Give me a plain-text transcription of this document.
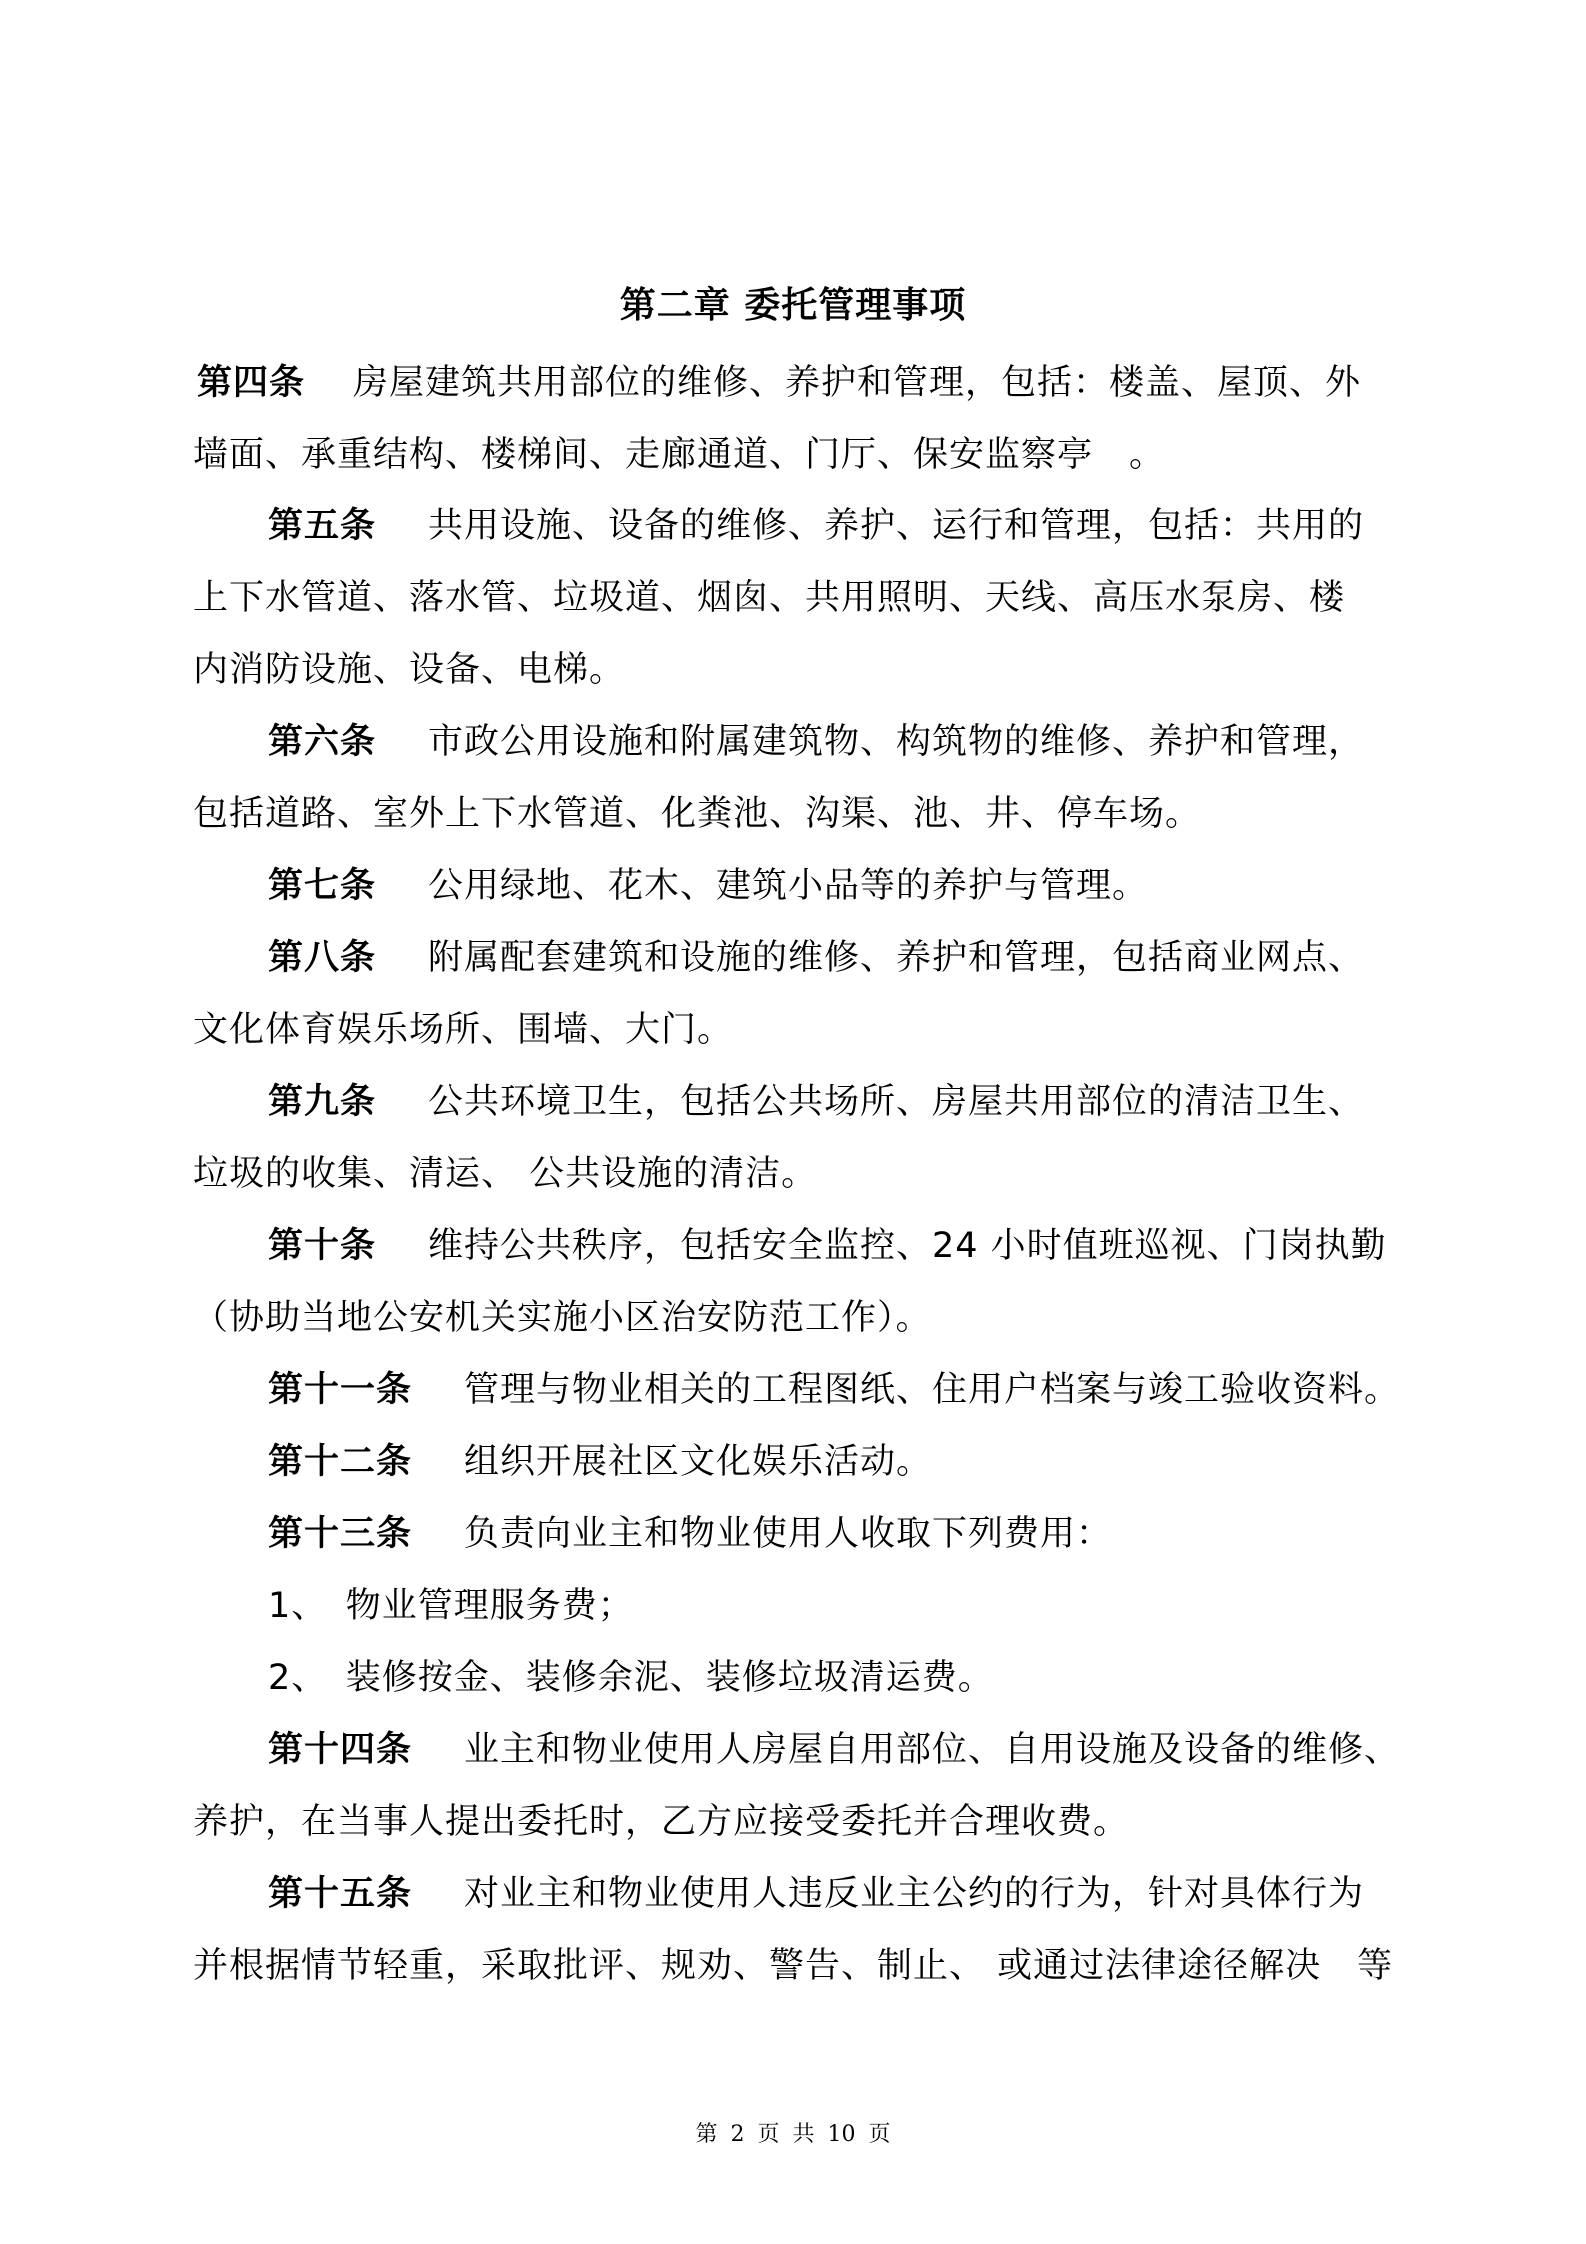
第二章 委托管理事项
第四条 房屋建筑共用部位的维修、养护和管理，包括：楼盖、屋顶、外
墙面、承重结构、楼梯间、走廊通道、门厅、保安监察亭　。
第五条 共用设施、设备的维修、养护、运行和管理，包括：共用的
上下水管道、落水管、垃圾道、烟囱、共用照明、天线、高压水泵房、楼
内消防设施、设备、电梯。
第六条 市政公用设施和附属建筑物、构筑物的维修、养护和管理，
包括道路、室外上下水管道、化粪池、沟渠、池、井、停车场。
第七条 公用绿地、花木、建筑小品等的养护与管理。
第八条 附属配套建筑和设施的维修、养护和管理，包括商业网点、
文化体育娱乐场所、围墙、大门。
第九条 公共环境卫生，包括公共场所、房屋共用部位的清洁卫生、
垃圾的收集、清运、 公共设施的清洁。
第十条 维持公共秩序，包括安全监控、24 小时值班巡视、门岗执勤
（协助当地公安机关实施小区治安防范工作）。
第十一条 管理与物业相关的工程图纸、住用户档案与竣工验收资料。
第十二条 组织开展社区文化娱乐活动。
第十三条 负责向业主和物业使用人收取下列费用：
1、　物业管理服务费；
2、　装修按金、装修余泥、装修垃圾清运费。
第十四条 业主和物业使用人房屋自用部位、自用设施及设备的维修、
养护，在当事人提出委托时，乙方应接受委托并合理收费。
第十五条 对业主和物业使用人违反业主公约的行为，针对具体行为
并根据情节轻重，采取批评、规劝、警告、制止、 或通过法律途径解决　等
第 2 页 共 10 页
